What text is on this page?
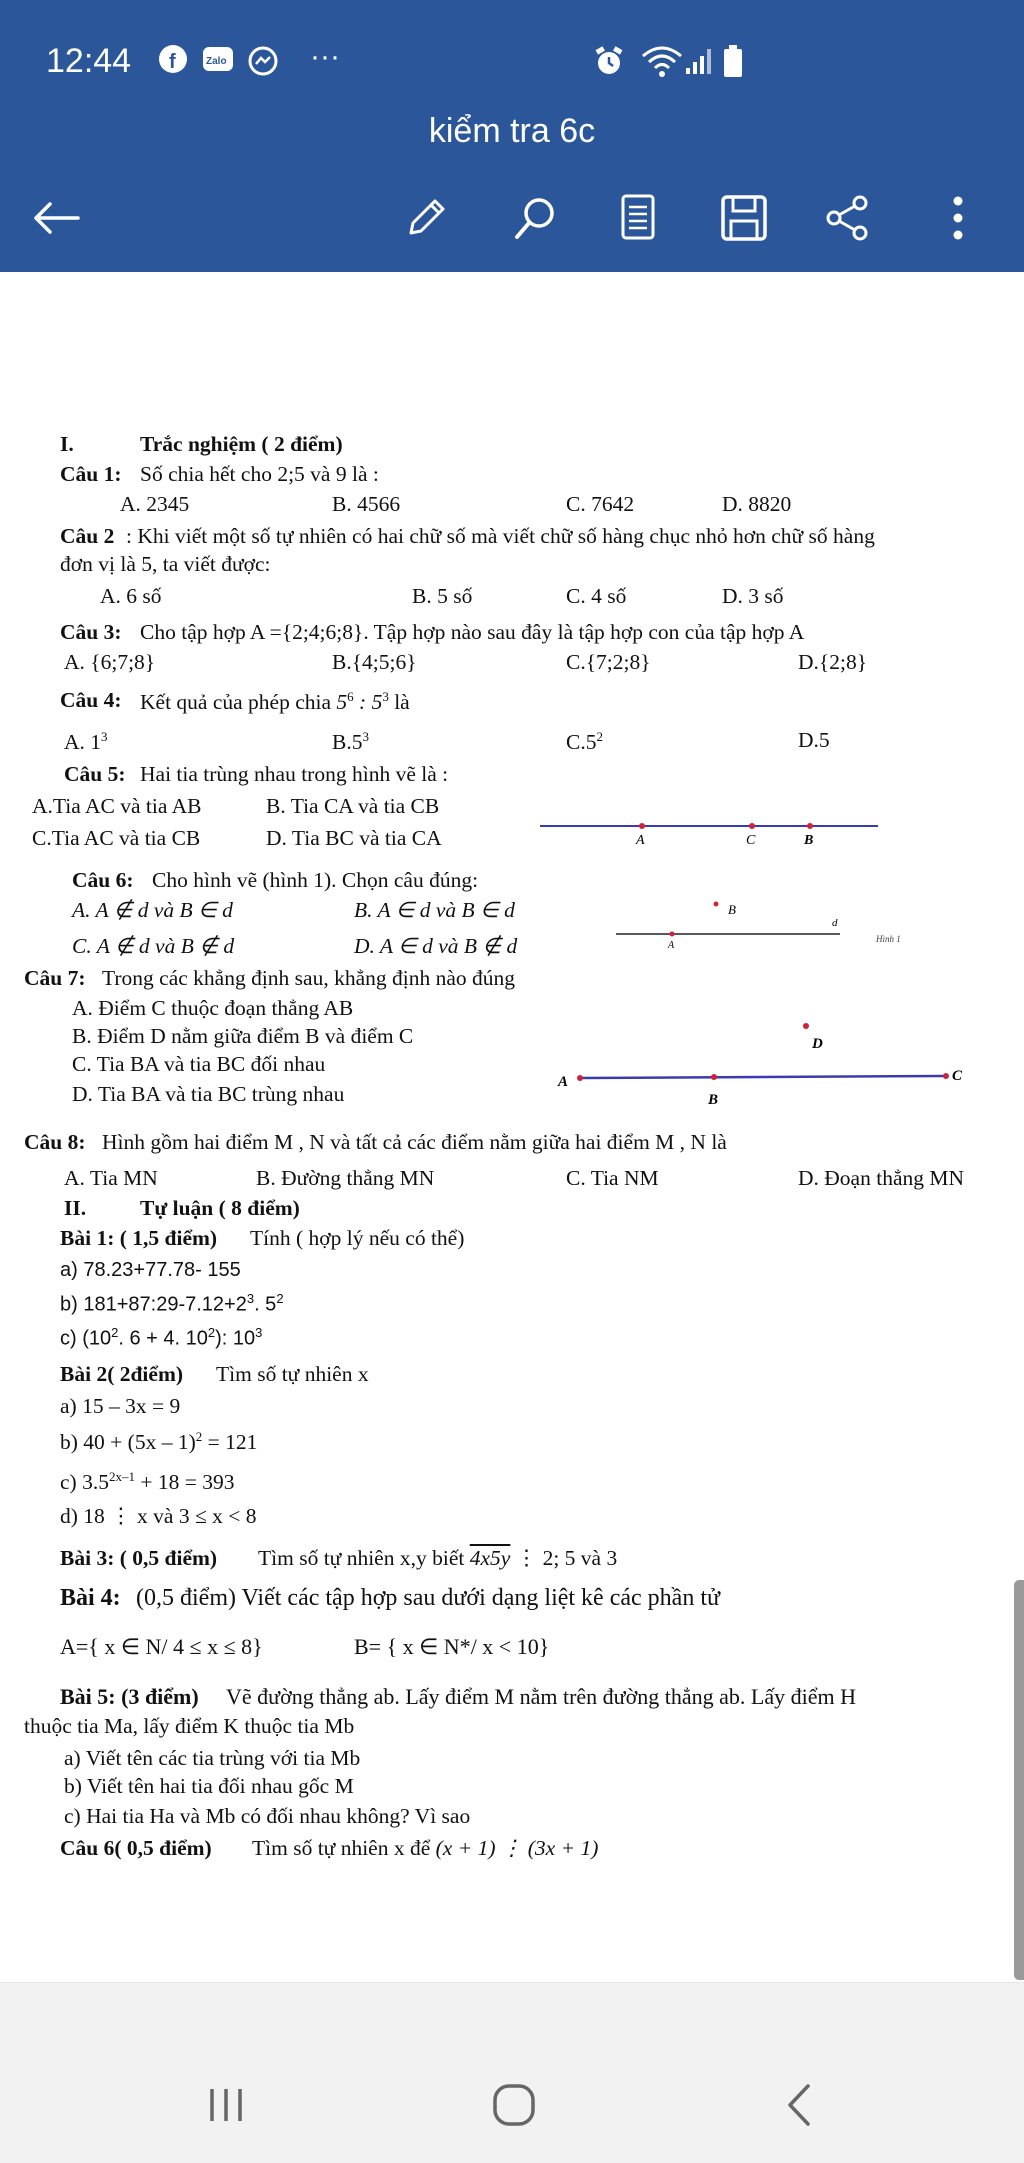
12:44 f	Zalo	···
kiểm tra 6c
I.	Trắc nghiệm ( 2 điểm)
Câu 1: Số chia hết cho 2;5 và 9 là :
A. 2345	B. 4566	C. 7642	D. 8820
Câu 2 : Khi viết một số tự nhiên có hai chữ số mà viết chữ số hàng chục nhỏ hơn chữ số hàng
đơn vị là 5, ta viết được:
A. 6 số	B. 5 số	C. 4 số	D. 3 số
Câu 3: Cho tập hợp A ={2;4;6;8}. Tập hợp nào sau đây là tập hợp con của tập hợp A
A. {6;7;8}	B.{4;5;6}	C.{7;2;8}	D.{2;8}
Câu 4: Kết quả của phép chia $5^6$ : $5^3$ là
A. $1^3$	$B.5^3$	$C.5^2$	D.5
Câu 5: Hai tia trùng nhau trong hình vẽ là :
A.Tia AC và tia AB	B. Tia CA và tia CB
C.Tia AC và tia CB	D. Tia BC và tia CA	A	C	B
Câu 6: Cho hình vẽ (hình 1). Chọn câu đúng:
A. A ∉ d và B ∈ d	B. A ∈ d và B ∈ d
C. A ∉ d và B ∉ d	D. A ∈ d và B ∉ d
B
d
A
Hình 1
Câu 7: Trong các khẳng định sau, khẳng định nào đúng
A. Điểm C thuộc đoạn thẳng AB
B. Điểm D nằm giữa điểm B và điểm C
C. Tia BA và tia BC đối nhau
D. Tia BA và tia BC trùng nhau	A
B
C
D
Câu 8: Hình gồm hai điểm M , N và tất cả các điểm nằm giữa hai điểm M , N là
A. Tia MN	B. Đường thẳng MN	C. Tia NM	D. Đoạn thẳng MN
II.	Tự luận ( 8 điểm)
Bài 1: ( 1,5 điểm) Tính ( hợp lý nếu có thể)
a) 78.23+77.78- 155
b) $181+87:29-7.12+2^3$. $5^2$
c) ($10^2$. 6 + 4. $10^2$): $10^3$
Bài 2( 2điểm) Tìm số tự nhiên x
a) 15 – 3x = 9
b) 40 + (5x – 1)$^2$ = 121
c) $3.5^{2x-1} + 18 = 393$
d) 18 ⋮ x và 3 ≤ x < 8
Bài 3: ( 0,5 điểm) Tìm số tự nhiên x,y biết 4x5y ⋮ 2; 5 và 3
Bài 4: (0,5 điểm) Viết các tập hợp sau dưới dạng liệt kê các phần tử
A={ x ∈ N/ 4 ≤ x ≤ 8}	B= { x ∈ N*/ x < 10}
Bài 5: (3 điểm) Vẽ đường thẳng ab. Lấy điểm M nằm trên đường thẳng ab. Lấy điểm H
thuộc tia Ma, lấy điểm K thuộc tia Mb
a) Viết tên các tia trùng với tia Mb
b) Viết tên hai tia đối nhau gốc M
c) Hai tia Ha và Mb có đối nhau không? Vì sao
Câu 6( 0,5 điểm) Tìm số tự nhiên x để (x + 1) ⋮ (3x + 1)
